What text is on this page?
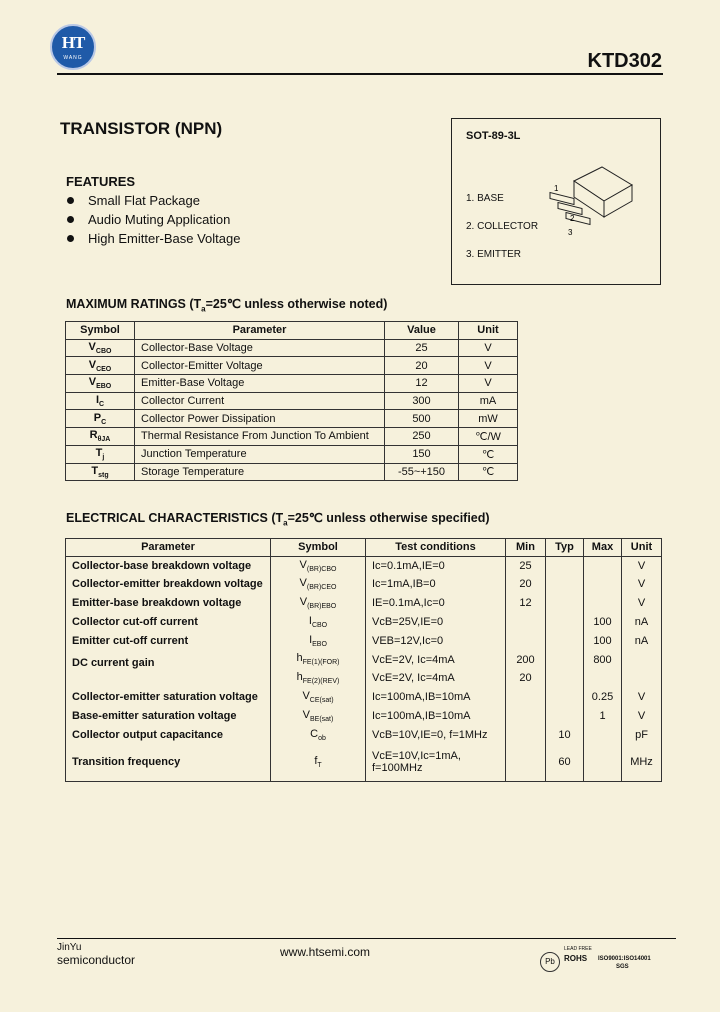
HT
WANG	KTD302
TRANSISTOR (NPN)	SOT-89-3L
1. BASE
2. COLLECTOR
3. EMITTER
3
2
1
FEATURES
Small Flat Package
Audio Muting Application
High Emitter-Base Voltage
MAXIMUM RATINGS ($T_a=25℃$ unless otherwise noted)
Symbol	Parameter	Value	Unit
$V_{CBO}$	Collector-Base Voltage	25	V
$V_{CEO}$	Collector-Emitter Voltage	20	V
$V_{EBO}$	Emitter-Base Voltage	12	V
$I_C$	Collector Current	300	mA
$P_C$	Collector Power Dissipation	500	mW
$R_{\theta JA}$	Thermal Resistance From Junction To Ambient	250	℃/W
$T_j$	Junction Temperature	150	℃
$T_{stg}$	Storage Temperature	-55~+150	℃
ELECTRICAL CHARACTERISTICS ($T_a=25℃$ unless otherwise specified)
Parameter	Symbol	Test conditions	Min	Typ	Max	Unit
Collector-base breakdown voltage	$V_{(BR)CBO}$	Iс=0.1mA,IЕ=0	25			V
Collector-emitter breakdown voltage	$V_{(BR)CEO}$	Iс=1mA,IВ=0	20			V
Emitter-base breakdown voltage	$V_{(BR)EBO}$	IЕ=0.1mA,Iс=0	12			V
Collector cut-off current	$I_{CBO}$	VсВ=25V,IЕ=0			100	nA
Emitter cut-off current	$I_{EBO}$	VЕВ=12V,Iс=0			100	nA
DC current gain	$h_{FE(1)(FOR)}$	VсЕ=2V, Iс=4mA	200		800	
	$h_{FE(2)(REV)}$	VсЕ=2V, Iс=4mA	20			
Collector-emitter saturation voltage	$V_{CE(sat)}$	Iс=100mA,IВ=10mA			0.25	V
Base-emitter saturation voltage	$V_{BE(sat)}$	Iс=100mA,IВ=10mA			1	V
Collector output capacitance	$C_{ob}$	VсВ=10V,IЕ=0, f=1MHz		10		pF
Transition frequency	$f_T$	VсЕ=10V,Iс=1mA,
f=100MHz		60		MHz
JinYu
semiconductor
www.htsemi.com
Pb
LEAD FREE
ROHS ISO9001:ISO14001
SGS
